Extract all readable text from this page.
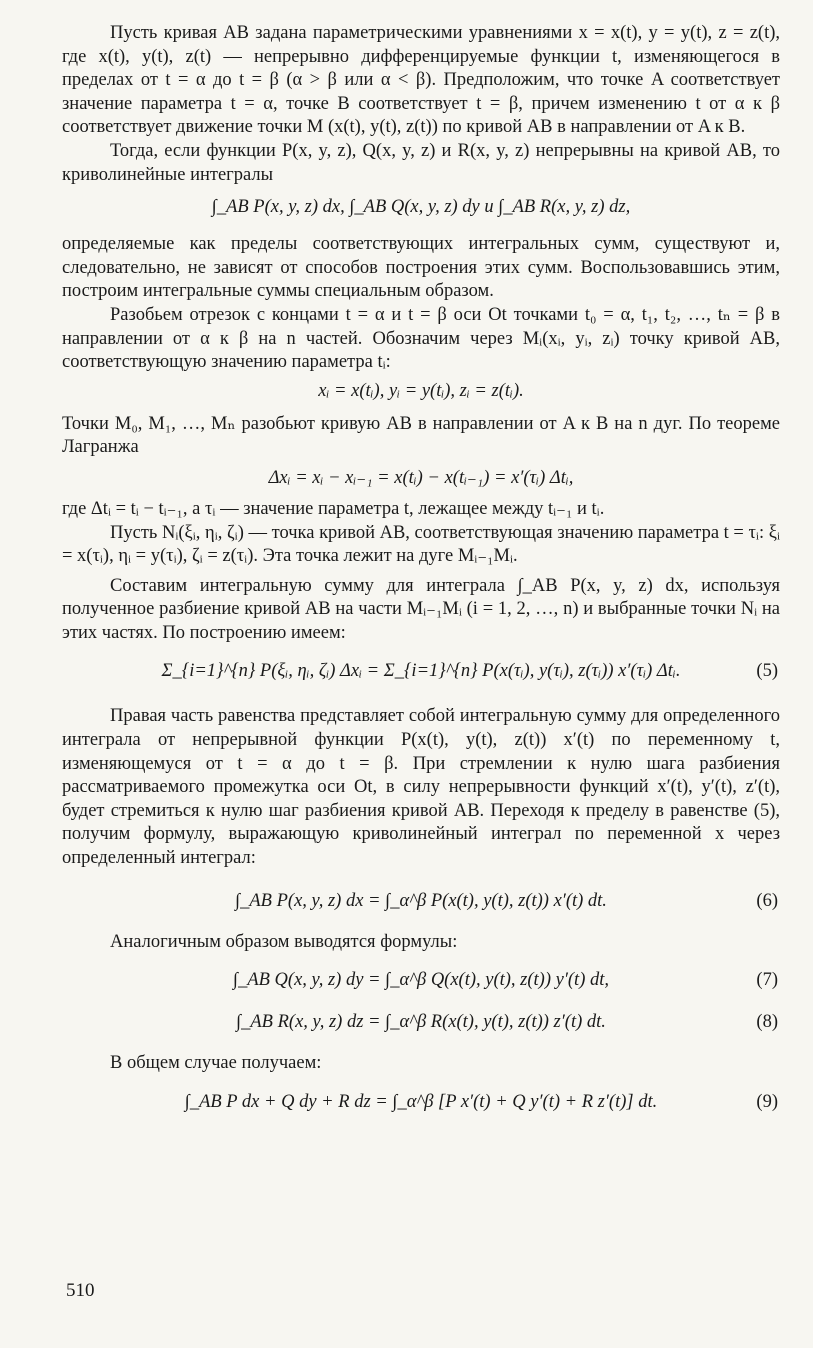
Пусть кривая AB задана параметрическими уравнениями x = x(t), y = y(t), z = z(t), где x(t), y(t), z(t) — непрерывно дифференцируемые функции t, изменяющегося в пределах от t = α до t = β (α > β или α < β). Предположим, что точке A соответствует значение параметра t = α, точке B соответствует t = β, причем изменению t от α к β соответствует движение точки M (x(t), y(t), z(t)) по кривой AB в направлении от A к B.

Тогда, если функции P(x, y, z), Q(x, y, z) и R(x, y, z) непрерывны на кривой AB, то криволинейные интегралы

∫_AB P(x, y, z) dx, ∫_AB Q(x, y, z) dy и ∫_AB R(x, y, z) dz,

определяемые как пределы соответствующих интегральных сумм, существуют и, следовательно, не зависят от способов построения этих сумм. Воспользовавшись этим, построим интегральные суммы специальным образом.

Разобьем отрезок с концами t = α и t = β оси Ot точками t₀ = α, t₁, t₂, …, tₙ = β в направлении от α к β на n частей. Обозначим через Mᵢ(xᵢ, yᵢ, zᵢ) точку кривой AB, соответствующую значению параметра tᵢ:

xᵢ = x(tᵢ), yᵢ = y(tᵢ), zᵢ = z(tᵢ).

Точки M₀, M₁, …, Mₙ разобьют кривую AB в направлении от A к B на n дуг. По теореме Лагранжа

Δxᵢ = xᵢ − xᵢ₋₁ = x(tᵢ) − x(tᵢ₋₁) = x′(τᵢ) Δtᵢ,

где Δtᵢ = tᵢ − tᵢ₋₁, а τᵢ — значение параметра t, лежащее между tᵢ₋₁ и tᵢ.

Пусть Nᵢ(ξᵢ, ηᵢ, ζᵢ) — точка кривой AB, соответствующая значению параметра t = τᵢ: ξᵢ = x(τᵢ), ηᵢ = y(τᵢ), ζᵢ = z(τᵢ). Эта точка лежит на дуге Mᵢ₋₁Mᵢ.

Составим интегральную сумму для интеграла ∫_AB P(x, y, z) dx, используя полученное разбиение кривой AB на части Mᵢ₋₁Mᵢ (i = 1, 2, …, n) и выбранные точки Nᵢ на этих частях. По построению имеем:

Σ_{i=1}^{n} P(ξᵢ, ηᵢ, ζᵢ) Δxᵢ = Σ_{i=1}^{n} P(x(τᵢ), y(τᵢ), z(τᵢ)) x′(τᵢ) Δtᵢ.	(5)

Правая часть равенства представляет собой интегральную сумму для определенного интеграла от непрерывной функции P(x(t), y(t), z(t)) x′(t) по переменному t, изменяющемуся от t = α до t = β. При стремлении к нулю шага разбиения рассматриваемого промежутка оси Ot, в силу непрерывности функций x′(t), y′(t), z′(t), будет стремиться к нулю шаг разбиения кривой AB. Переходя к пределу в равенстве (5), получим формулу, выражающую криволинейный интеграл по переменной x через определенный интеграл:

∫_AB P(x, y, z) dx = ∫_α^β P(x(t), y(t), z(t)) x′(t) dt.	(6)

Аналогичным образом выводятся формулы:

∫_AB Q(x, y, z) dy = ∫_α^β Q(x(t), y(t), z(t)) y′(t) dt,	(7)
∫_AB R(x, y, z) dz = ∫_α^β R(x(t), y(t), z(t)) z′(t) dt.	(8)

В общем случае получаем:

∫_AB P dx + Q dy + R dz = ∫_α^β [P x′(t) + Q y′(t) + R z′(t)] dt.	(9)
510
